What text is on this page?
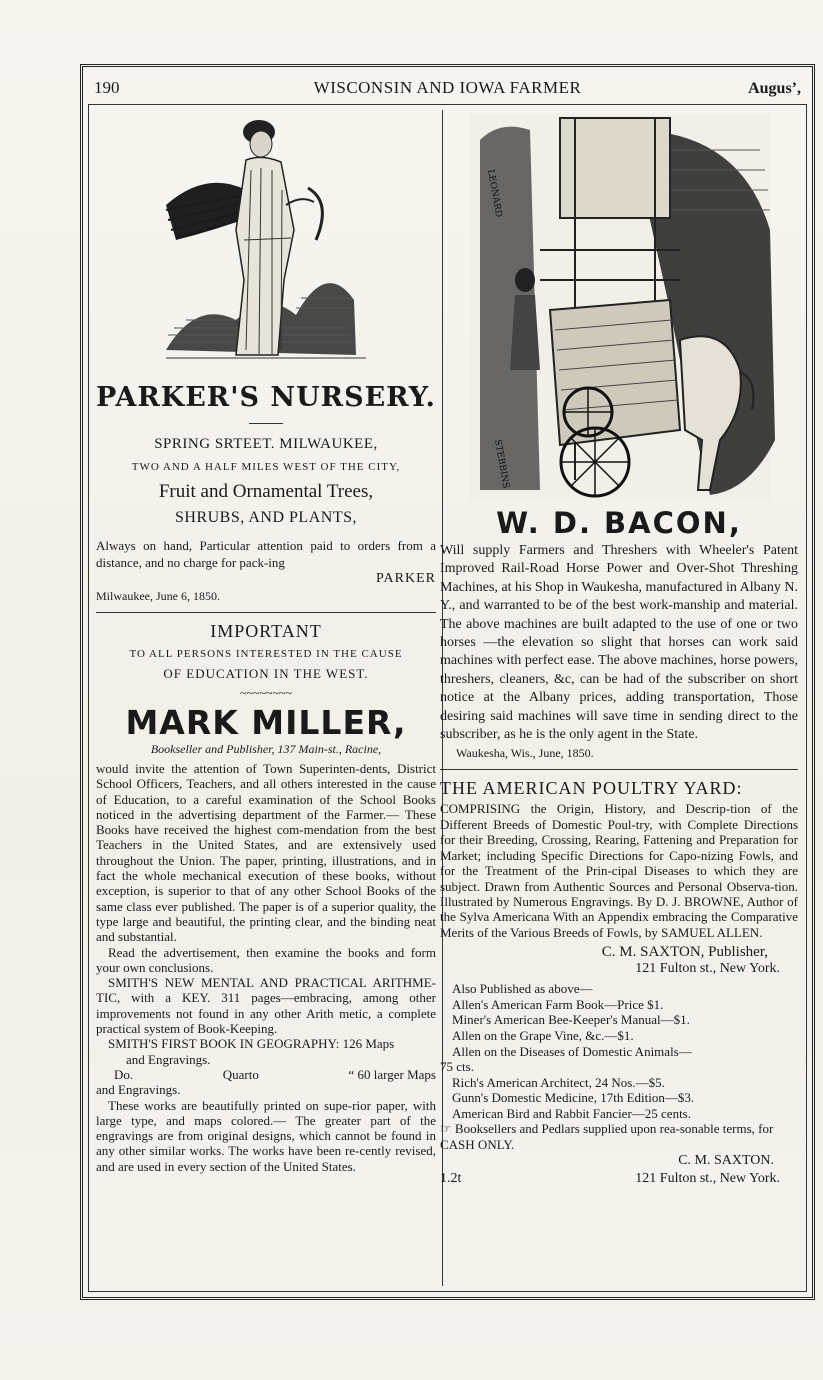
190	WISCONSIN AND IOWA FARMER	Augus’,
PARKER'S NURSERY.
SPRING SRTEET. MILWAUKEE,
TWO AND A HALF MILES WEST OF THE CITY,
Fruit and Ornamental Trees,
SHRUBS, AND PLANTS,
Always on hand, Particular attention paid to orders from a distance, and no charge for pack-ing
PARKER
Milwaukee, June 6, 1850.
IMPORTANT
TO ALL PERSONS INTERESTED IN THE CAUSE
OF EDUCATION IN THE WEST.
~~~~~~~~
MARK MILLER,
Bookseller and Publisher, 137 Main-st., Racine,

would invite the attention of Town Superinten-dents, District School Officers, Teachers, and all others interested in the cause of Education, to a careful examination of the School Books noticed in the advertising department of the Farmer.— These Books have received the highest com-mendation from the best Teachers in the United States, and are extensively used throughout the Union. The paper, printing, illustrations, and in fact the whole mechanical execution of these books, without exception, is superior to that of any other School Books of the same class ever published. The paper is of a superior quality, the type large and beautiful, the printing clear, and the binding neat and substantial.

Read the advertisement, then examine the books and form your own conclusions.

SMITH'S NEW MENTAL AND PRACTICAL ARITHME-TIC, with a KEY. 311 pages—embracing, among other improvements not found in any other Arith metic, a complete practical system of Book-Keeping.

SMITH'S FIRST BOOK IN GEOGRAPHY: 126 Maps

and Engravings.

Do.	Quarto	“ 60 larger Maps

and Engravings.

These works are beautifully printed on supe-rior paper, with large type, and maps colored.— The greater part of the engravings are from original designs, which cannot be found in any other similar works. The works have been re-cently revised, and are used in every section of the United States.

LEONARD
STEBBINS
W. D. BACON,
Will supply Farmers and Threshers with Wheeler's Patent Improved Rail-Road Horse Power and Over-Shot Threshing Machines, at his Shop in Waukesha, manufactured in Albany N. Y., and warranted to be of the best work-manship and material. The above machines are built adapted to the use of one or two horses —the elevation so slight that horses can work said machines with perfect ease. The above machines, horse powers, threshers, cleaners, &c, can be had of the subscriber on short notice at the Albany prices, adding transportation, Those desiring said machines will save time in sending direct to the subscriber, as he is the only agent in the State.
Waukesha, Wis., June, 1850.
THE AMERICAN POULTRY YARD:
COMPRISING the Origin, History, and Descrip-tion of the Different Breeds of Domestic Poul-try, with Complete Directions for their Breeding, Crossing, Rearing, Fattening and Preparation for Market; including Specific Directions for Capo-nizing Fowls, and for the Treatment of the Prin-cipal Diseases to which they are subject. Drawn from Authentic Sources and Personal Observa-tion. Illustrated by Numerous Engravings. By D. J. BROWNE, Author of the Sylva Americana With an Appendix embracing the Comparative Merits of the Various Breeds of Fowls, by SAMUEL ALLEN.
C. M. SAXTON, Publisher,
121 Fulton st., New York.
Also Published as above—
Allen's American Farm Book—Price $1.
Miner's American Bee-Keeper's Manual—$1.
Allen on the Grape Vine, &c.—$1.
Allen on the Diseases of Domestic Animals—
75 cts.
Rich's American Architect, 24 Nos.—$5.
Gunn's Domestic Medicine, 17th Edition—$3.
American Bird and Rabbit Fancier—25 cents.
☞ Booksellers and Pedlars supplied upon rea-sonable terms, for CASH ONLY.
C. M. SAXTON.
1.2t	121 Fulton st., New York.
